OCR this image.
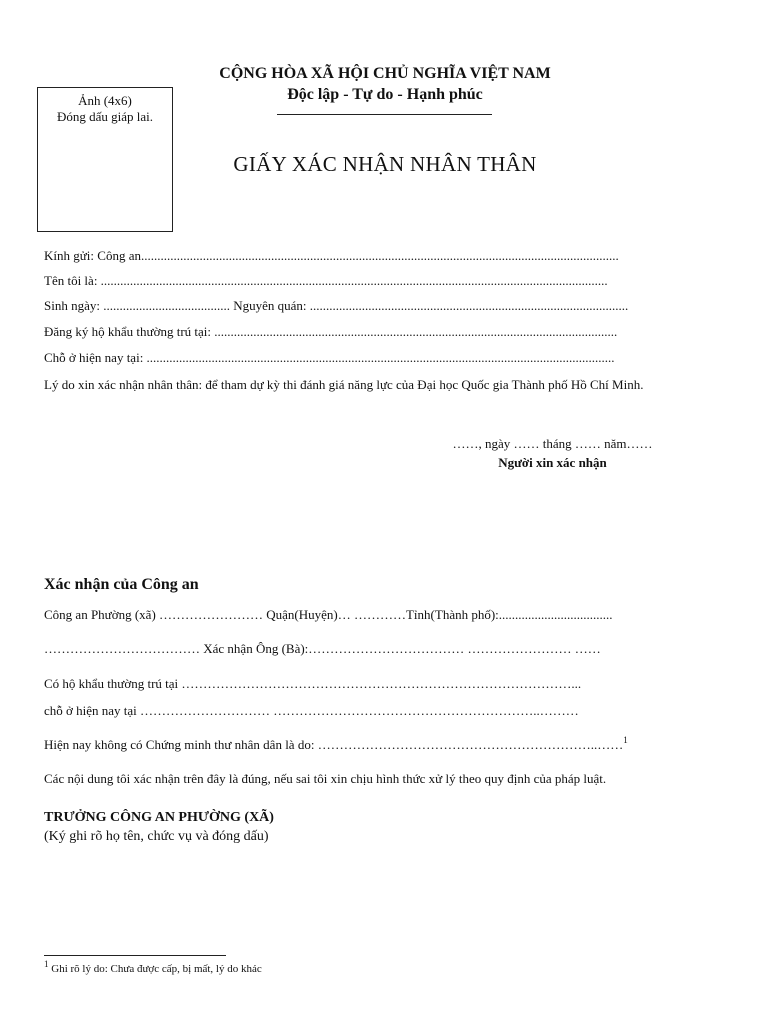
Ảnh (4x6)
Đóng dấu giáp lai.
CỘNG HÒA XÃ HỘI CHỦ NGHĨA VIỆT NAM
Độc lập - Tự do - Hạnh phúc
GIẤY XÁC NHẬN NHÂN THÂN
Kính gửi: Công an...................................................................................................................................................
Tên tôi là: ............................................................................................................................................................
Sinh ngày: ....................................... Nguyên quán: ..................................................................................................
Đăng ký hộ khẩu thường trú tại: ............................................................................................................................
Chỗ ở hiện nay tại: ................................................................................................................................................
Lý do xin xác nhận nhân thân: để tham dự kỳ thi đánh giá năng lực của Đại học Quốc gia Thành phố Hồ Chí Minh.
……, ngày …… tháng …… năm……
Người xin xác nhận
Xác nhận của Công an
Công an Phường (xã) …………………… Quận(Huyện)… …………Tỉnh(Thành phố):...................................
……………………………… Xác nhận Ông (Bà):……………………………… …………………… ……
Có hộ khẩu thường trú tại ………………………………………………………………………………...
chỗ ở hiện nay tại ………………………… ……………………………………………………..………
Hiện nay không có Chứng minh thư nhân dân là do: ………………………………………………………..……$^1$
Các nội dung tôi xác nhận trên đây là đúng, nếu sai tôi xin chịu hình thức xử lý theo quy định của pháp luật.
TRƯỞNG CÔNG AN PHƯỜNG (XÃ)
(Ký ghi rõ họ tên, chức vụ và đóng dấu)
$^1$ Ghi rõ lý do: Chưa được cấp, bị mất, lý do khác
